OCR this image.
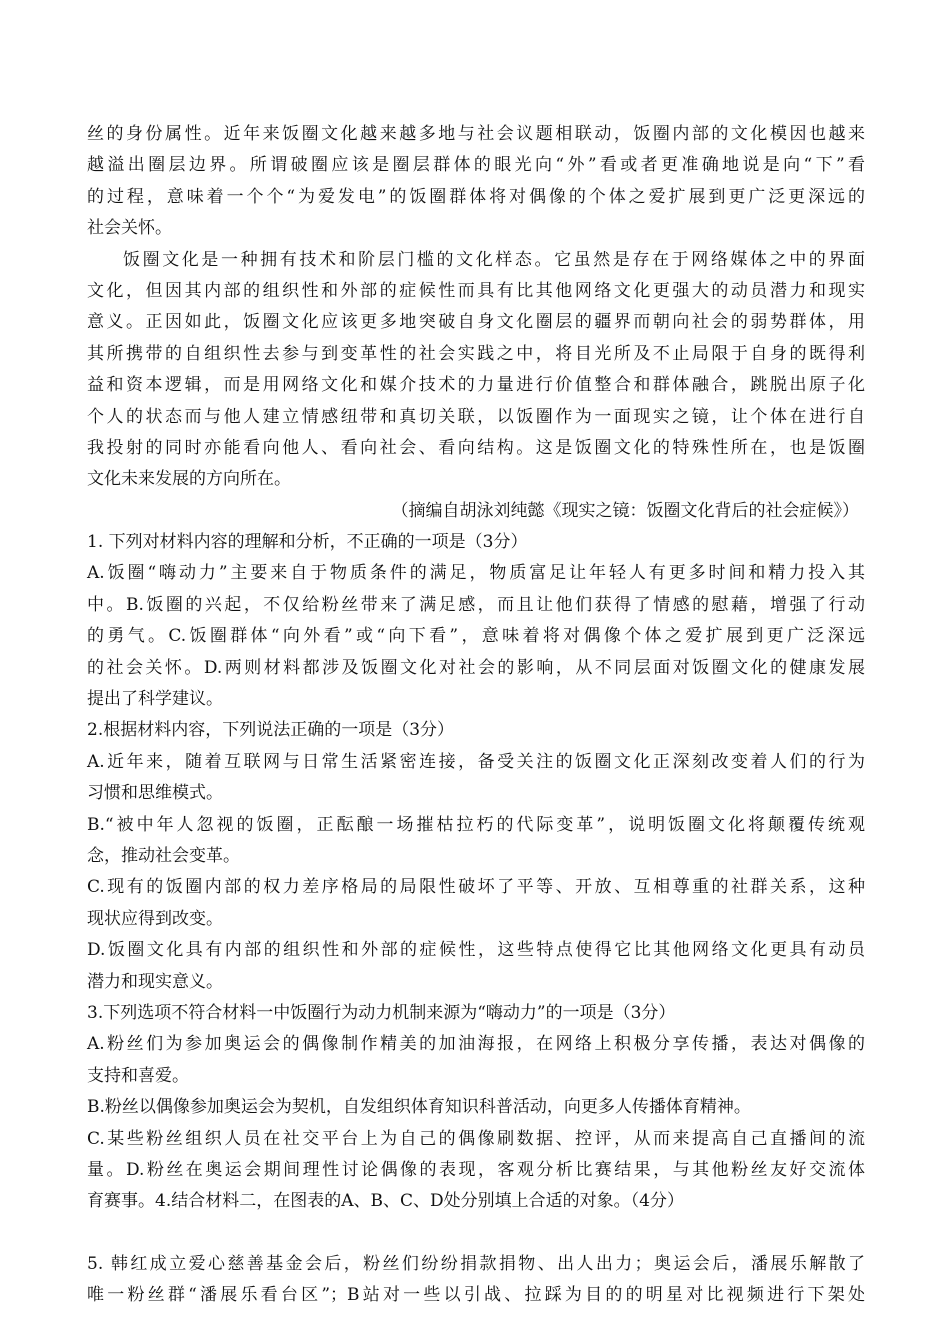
丝的身份属性。近年来饭圈文化越来越多地与社会议题相联动，饭圈内部的文化模因也越来
越溢出圈层边界。所谓破圈应该是圈层群体的眼光向“外”看或者更准确地说是向“下”看
的过程，意味着一个个“为爱发电”的饭圈群体将对偶像的个体之爱扩展到更广泛更深远的
社会关怀。
饭圈文化是一种拥有技术和阶层门槛的文化样态。它虽然是存在于网络媒体之中的界面
文化，但因其内部的组织性和外部的症候性而具有比其他网络文化更强大的动员潜力和现实
意义。正因如此，饭圈文化应该更多地突破自身文化圈层的疆界而朝向社会的弱势群体，用
其所携带的自组织性去参与到变革性的社会实践之中，将目光所及不止局限于自身的既得利
益和资本逻辑，而是用网络文化和媒介技术的力量进行价值整合和群体融合，跳脱出原子化
个人的状态而与他人建立情感纽带和真切关联，以饭圈作为一面现实之镜，让个体在进行自
我投射的同时亦能看向他人、看向社会、看向结构。这是饭圈文化的特殊性所在，也是饭圈
文化未来发展的方向所在。
（摘编自胡泳刘纯懿《现实之镜：饭圈文化背后的社会症候》）
1. 下列对材料内容的理解和分析，不正确的一项是（3分）
A.饭圈“嗨动力”主要来自于物质条件的满足，物质富足让年轻人有更多时间和精力投入其
中。B.饭圈的兴起，不仅给粉丝带来了满足感，而且让他们获得了情感的慰藉，增强了行动
的勇气。C.饭圈群体“向外看”或“向下看”，意味着将对偶像个体之爱扩展到更广泛深远
的社会关怀。D.两则材料都涉及饭圈文化对社会的影响，从不同层面对饭圈文化的健康发展
提出了科学建议。
2.根据材料内容，下列说法正确的一项是（3分）
A.近年来，随着互联网与日常生活紧密连接，备受关注的饭圈文化正深刻改变着人们的行为
习惯和思维模式。
B.“被中年人忽视的饭圈，正酝酿一场摧枯拉朽的代际变革”，说明饭圈文化将颠覆传统观
念，推动社会变革。
C.现有的饭圈内部的权力差序格局的局限性破坏了平等、开放、互相尊重的社群关系，这种
现状应得到改变。
D.饭圈文化具有内部的组织性和外部的症候性，这些特点使得它比其他网络文化更具有动员
潜力和现实意义。
3.下列选项不符合材料一中饭圈行为动力机制来源为“嗨动力”的一项是（3分）
A.粉丝们为参加奥运会的偶像制作精美的加油海报，在网络上积极分享传播，表达对偶像的
支持和喜爱。
B.粉丝以偶像参加奥运会为契机，自发组织体育知识科普活动，向更多人传播体育精神。
C.某些粉丝组织人员在社交平台上为自己的偶像刷数据、控评，从而来提高自己直播间的流
量。D.粉丝在奥运会期间理性讨论偶像的表现，客观分析比赛结果，与其他粉丝友好交流体
育赛事。4.结合材料二，在图表的A、B、C、D处分别填上合适的对象。（4分）
5. 韩红成立爱心慈善基金会后，粉丝们纷纷捐款捐物、出人出力；奥运会后，潘展乐解散了
唯一粉丝群“潘展乐看台区”；B站对一些以引战、拉踩为目的的明星对比视频进行下架处
